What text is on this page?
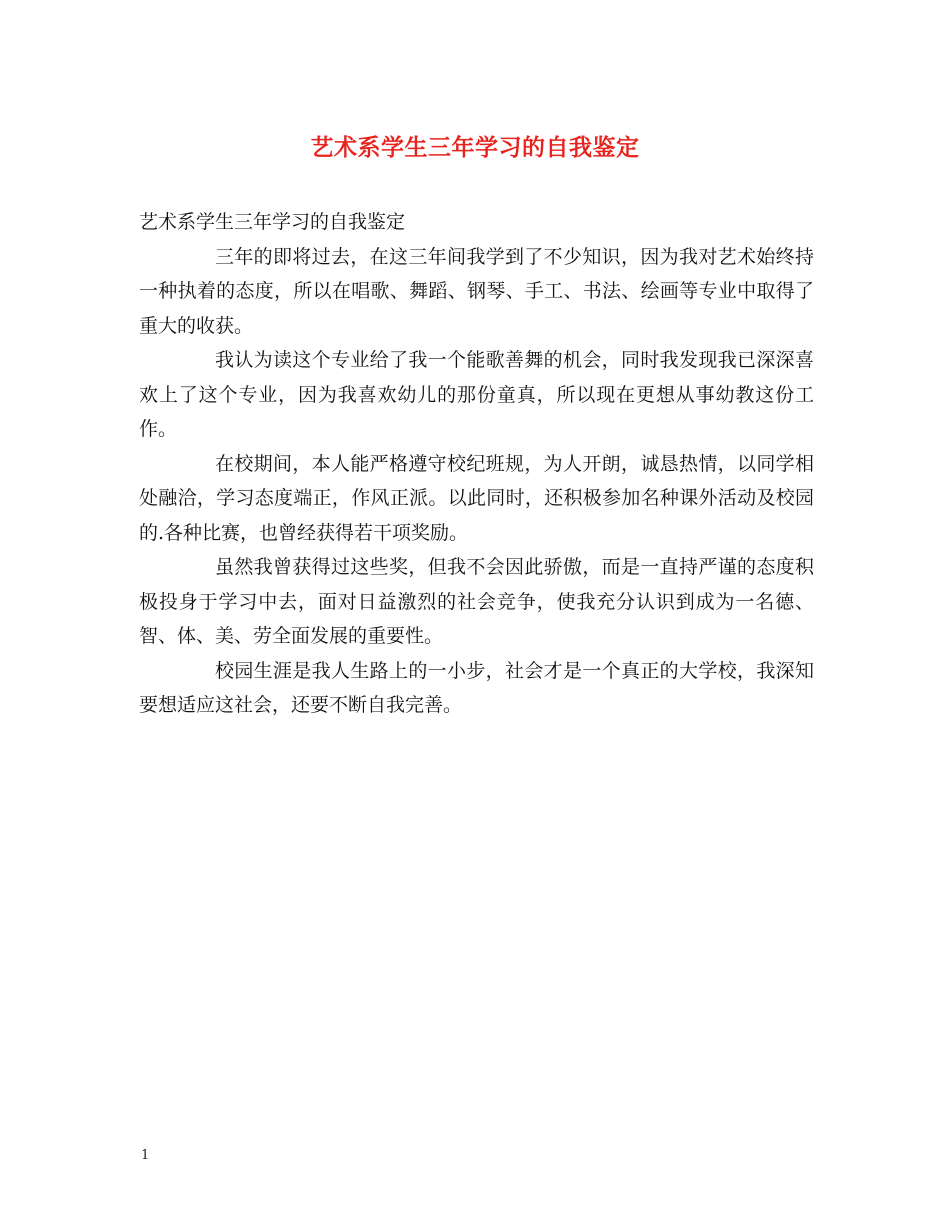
艺术系学生三年学习的自我鉴定

艺术系学生三年学习的自我鉴定

三年的即将过去，在这三年间我学到了不少知识，因为我对艺术始终持一种执着的态度，所以在唱歌、舞蹈、钢琴、手工、书法、绘画等专业中取得了重大的收获。

我认为读这个专业给了我一个能歌善舞的机会，同时我发现我已深深喜欢上了这个专业，因为我喜欢幼儿的那份童真，所以现在更想从事幼教这份工作。

在校期间，本人能严格遵守校纪班规，为人开朗，诚恳热情，以同学相处融洽，学习态度端正，作风正派。以此同时，还积极参加名种课外活动及校园的.各种比赛，也曾经获得若干项奖励。

虽然我曾获得过这些奖，但我不会因此骄傲，而是一直持严谨的态度积极投身于学习中去，面对日益激烈的社会竞争，使我充分认识到成为一名德、智、体、美、劳全面发展的重要性。

校园生涯是我人生路上的一小步，社会才是一个真正的大学校，我深知要想适应这社会，还要不断自我完善。

1
